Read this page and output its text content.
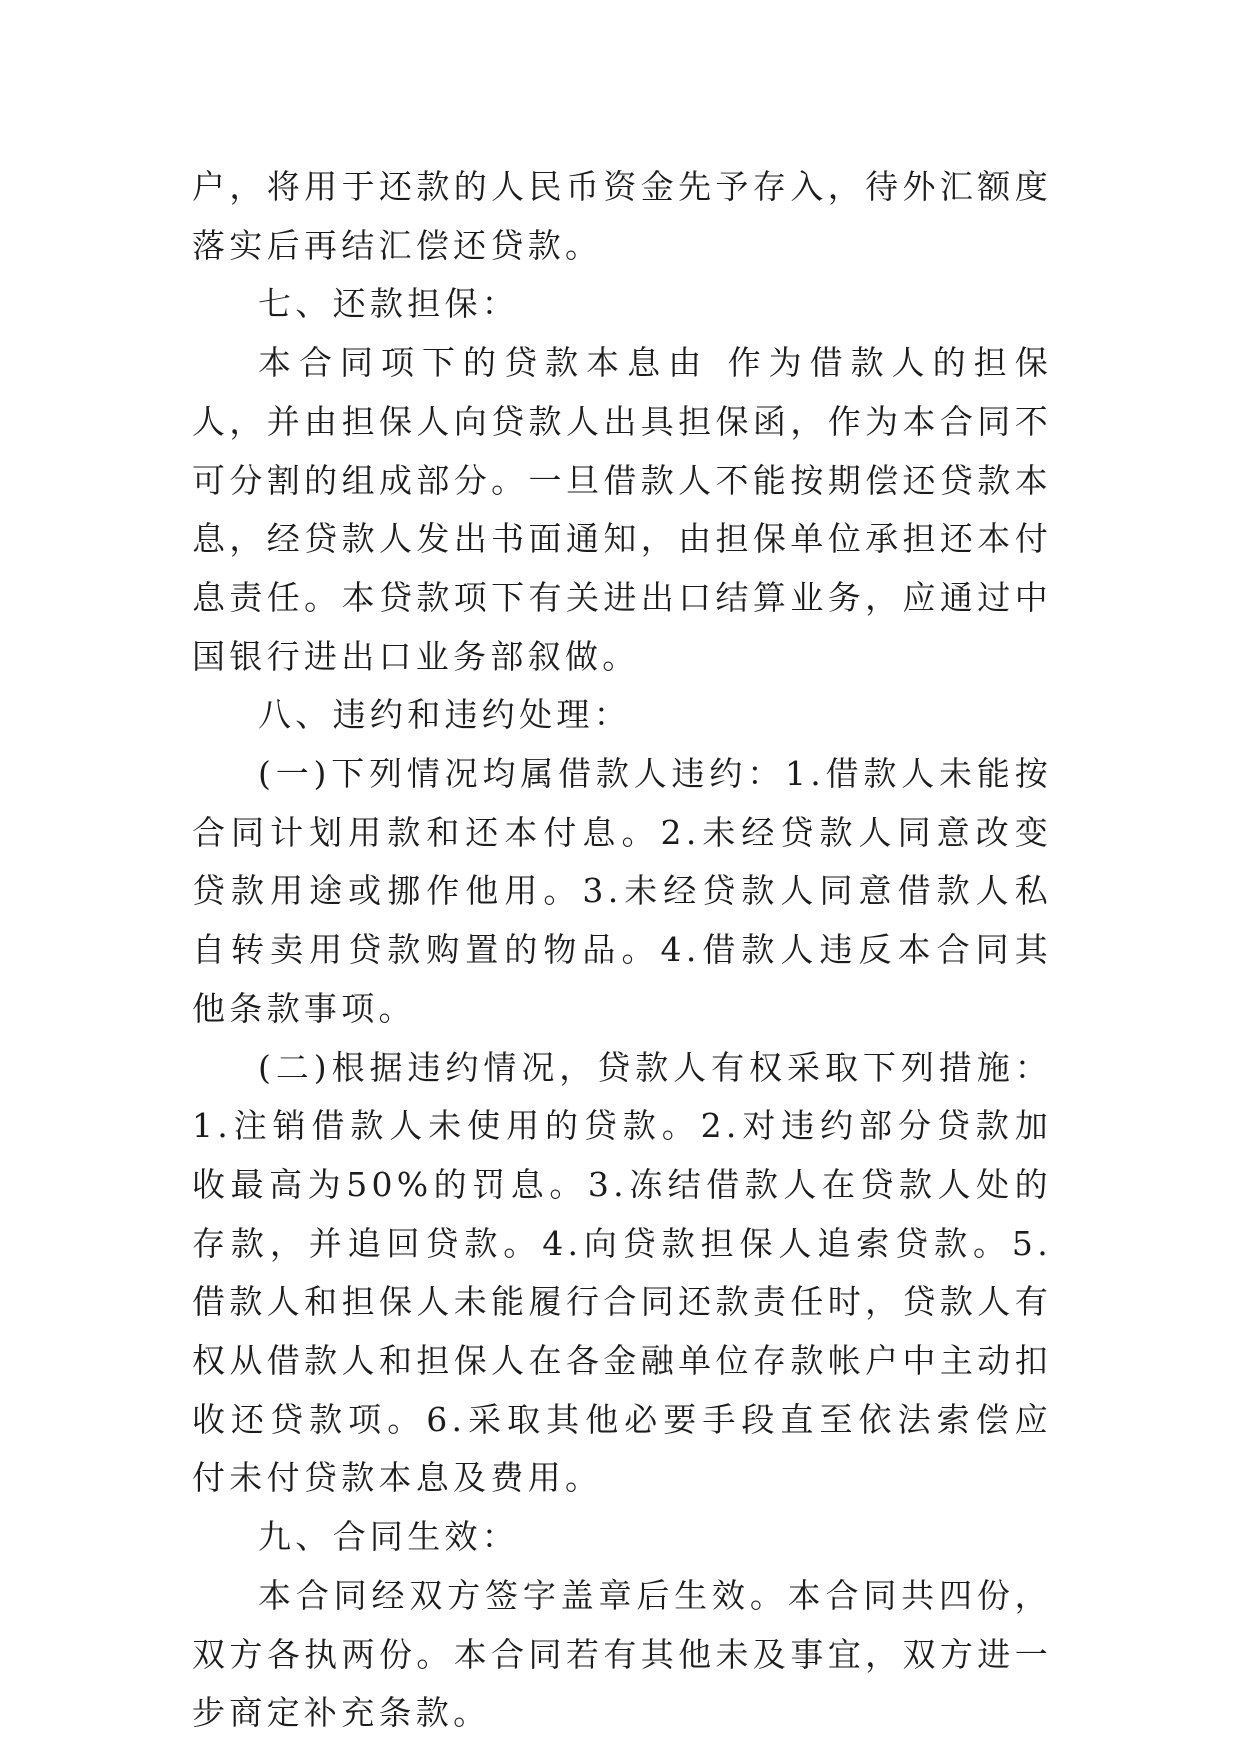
户，将用于还款的人民币资金先予存入，待外汇额度落实后再结汇偿还贷款。

七、还款担保：

本合同项下的贷款本息由 作为借款人的担保人，并由担保人向贷款人出具担保函，作为本合同不可分割的组成部分。一旦借款人不能按期偿还贷款本息，经贷款人发出书面通知，由担保单位承担还本付息责任。本贷款项下有关进出口结算业务，应通过中国银行进出口业务部叙做。

八、违约和违约处理：

(一)下列情况均属借款人违约：1.借款人未能按合同计划用款和还本付息。2.未经贷款人同意改变贷款用途或挪作他用。3.未经贷款人同意借款人私自转卖用贷款购置的物品。4.借款人违反本合同其他条款事项。

(二)根据违约情况，贷款人有权采取下列措施：1.注销借款人未使用的贷款。2.对违约部分贷款加收最高为50%的罚息。3.冻结借款人在贷款人处的存款，并追回贷款。4.向贷款担保人追索贷款。5.借款人和担保人未能履行合同还款责任时，贷款人有权从借款人和担保人在各金融单位存款帐户中主动扣收还贷款项。6.采取其他必要手段直至依法索偿应付未付贷款本息及费用。

九、合同生效：

本合同经双方签字盖章后生效。本合同共四份，双方各执两份。本合同若有其他未及事宜，双方进一步商定补充条款。
